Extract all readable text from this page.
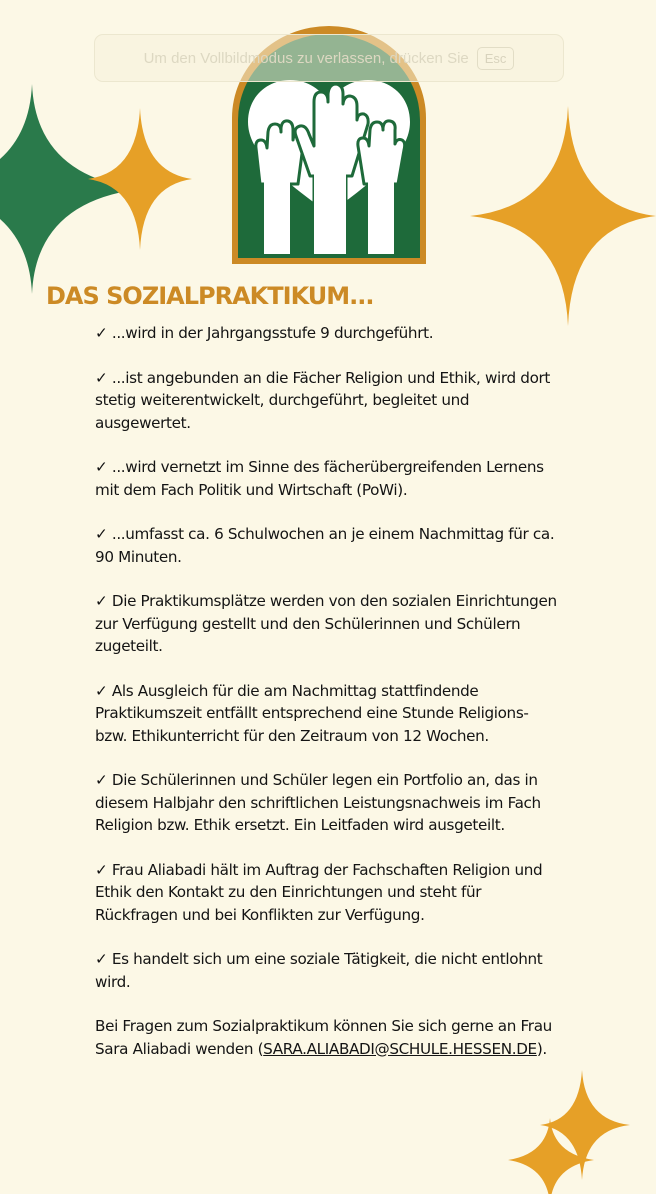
Um den Vollbildmodus zu verlassen, drücken Sie	Esc
DAS SOZIALPRAKTIKUM...

✓ ...wird in der Jahrgangsstufe 9 durchgeführt.

✓ ...ist angebunden an die Fächer Religion und Ethik, wird dort stetig weiterentwickelt, durchgeführt, begleitet und ausgewertet.

✓ ...wird vernetzt im Sinne des fächerübergreifenden Lernens mit dem Fach Politik und Wirtschaft (PoWi).

✓ ...umfasst ca. 6 Schulwochen an je einem Nachmittag für ca. 90 Minuten.

✓ Die Praktikumsplätze werden von den sozialen Einrichtungen zur Verfügung gestellt und den Schülerinnen und Schülern zugeteilt.

✓ Als Ausgleich für die am Nachmittag stattfindende Praktikumszeit entfällt entsprechend eine Stunde Religions- bzw. Ethikunterricht für den Zeitraum von 12 Wochen.

✓ Die Schülerinnen und Schüler legen ein Portfolio an, das in diesem Halbjahr den schriftlichen Leistungsnachweis im Fach Religion bzw. Ethik ersetzt. Ein Leitfaden wird ausgeteilt.

✓ Frau Aliabadi hält im Auftrag der Fachschaften Religion und Ethik den Kontakt zu den Einrichtungen und steht für Rückfragen und bei Konflikten zur Verfügung.

✓ Es handelt sich um eine soziale Tätigkeit, die nicht entlohnt wird.

Bei Fragen zum Sozialpraktikum können Sie sich gerne an Frau Sara Aliabadi wenden (SARA.ALIABADI@SCHULE.HESSEN.DE).
